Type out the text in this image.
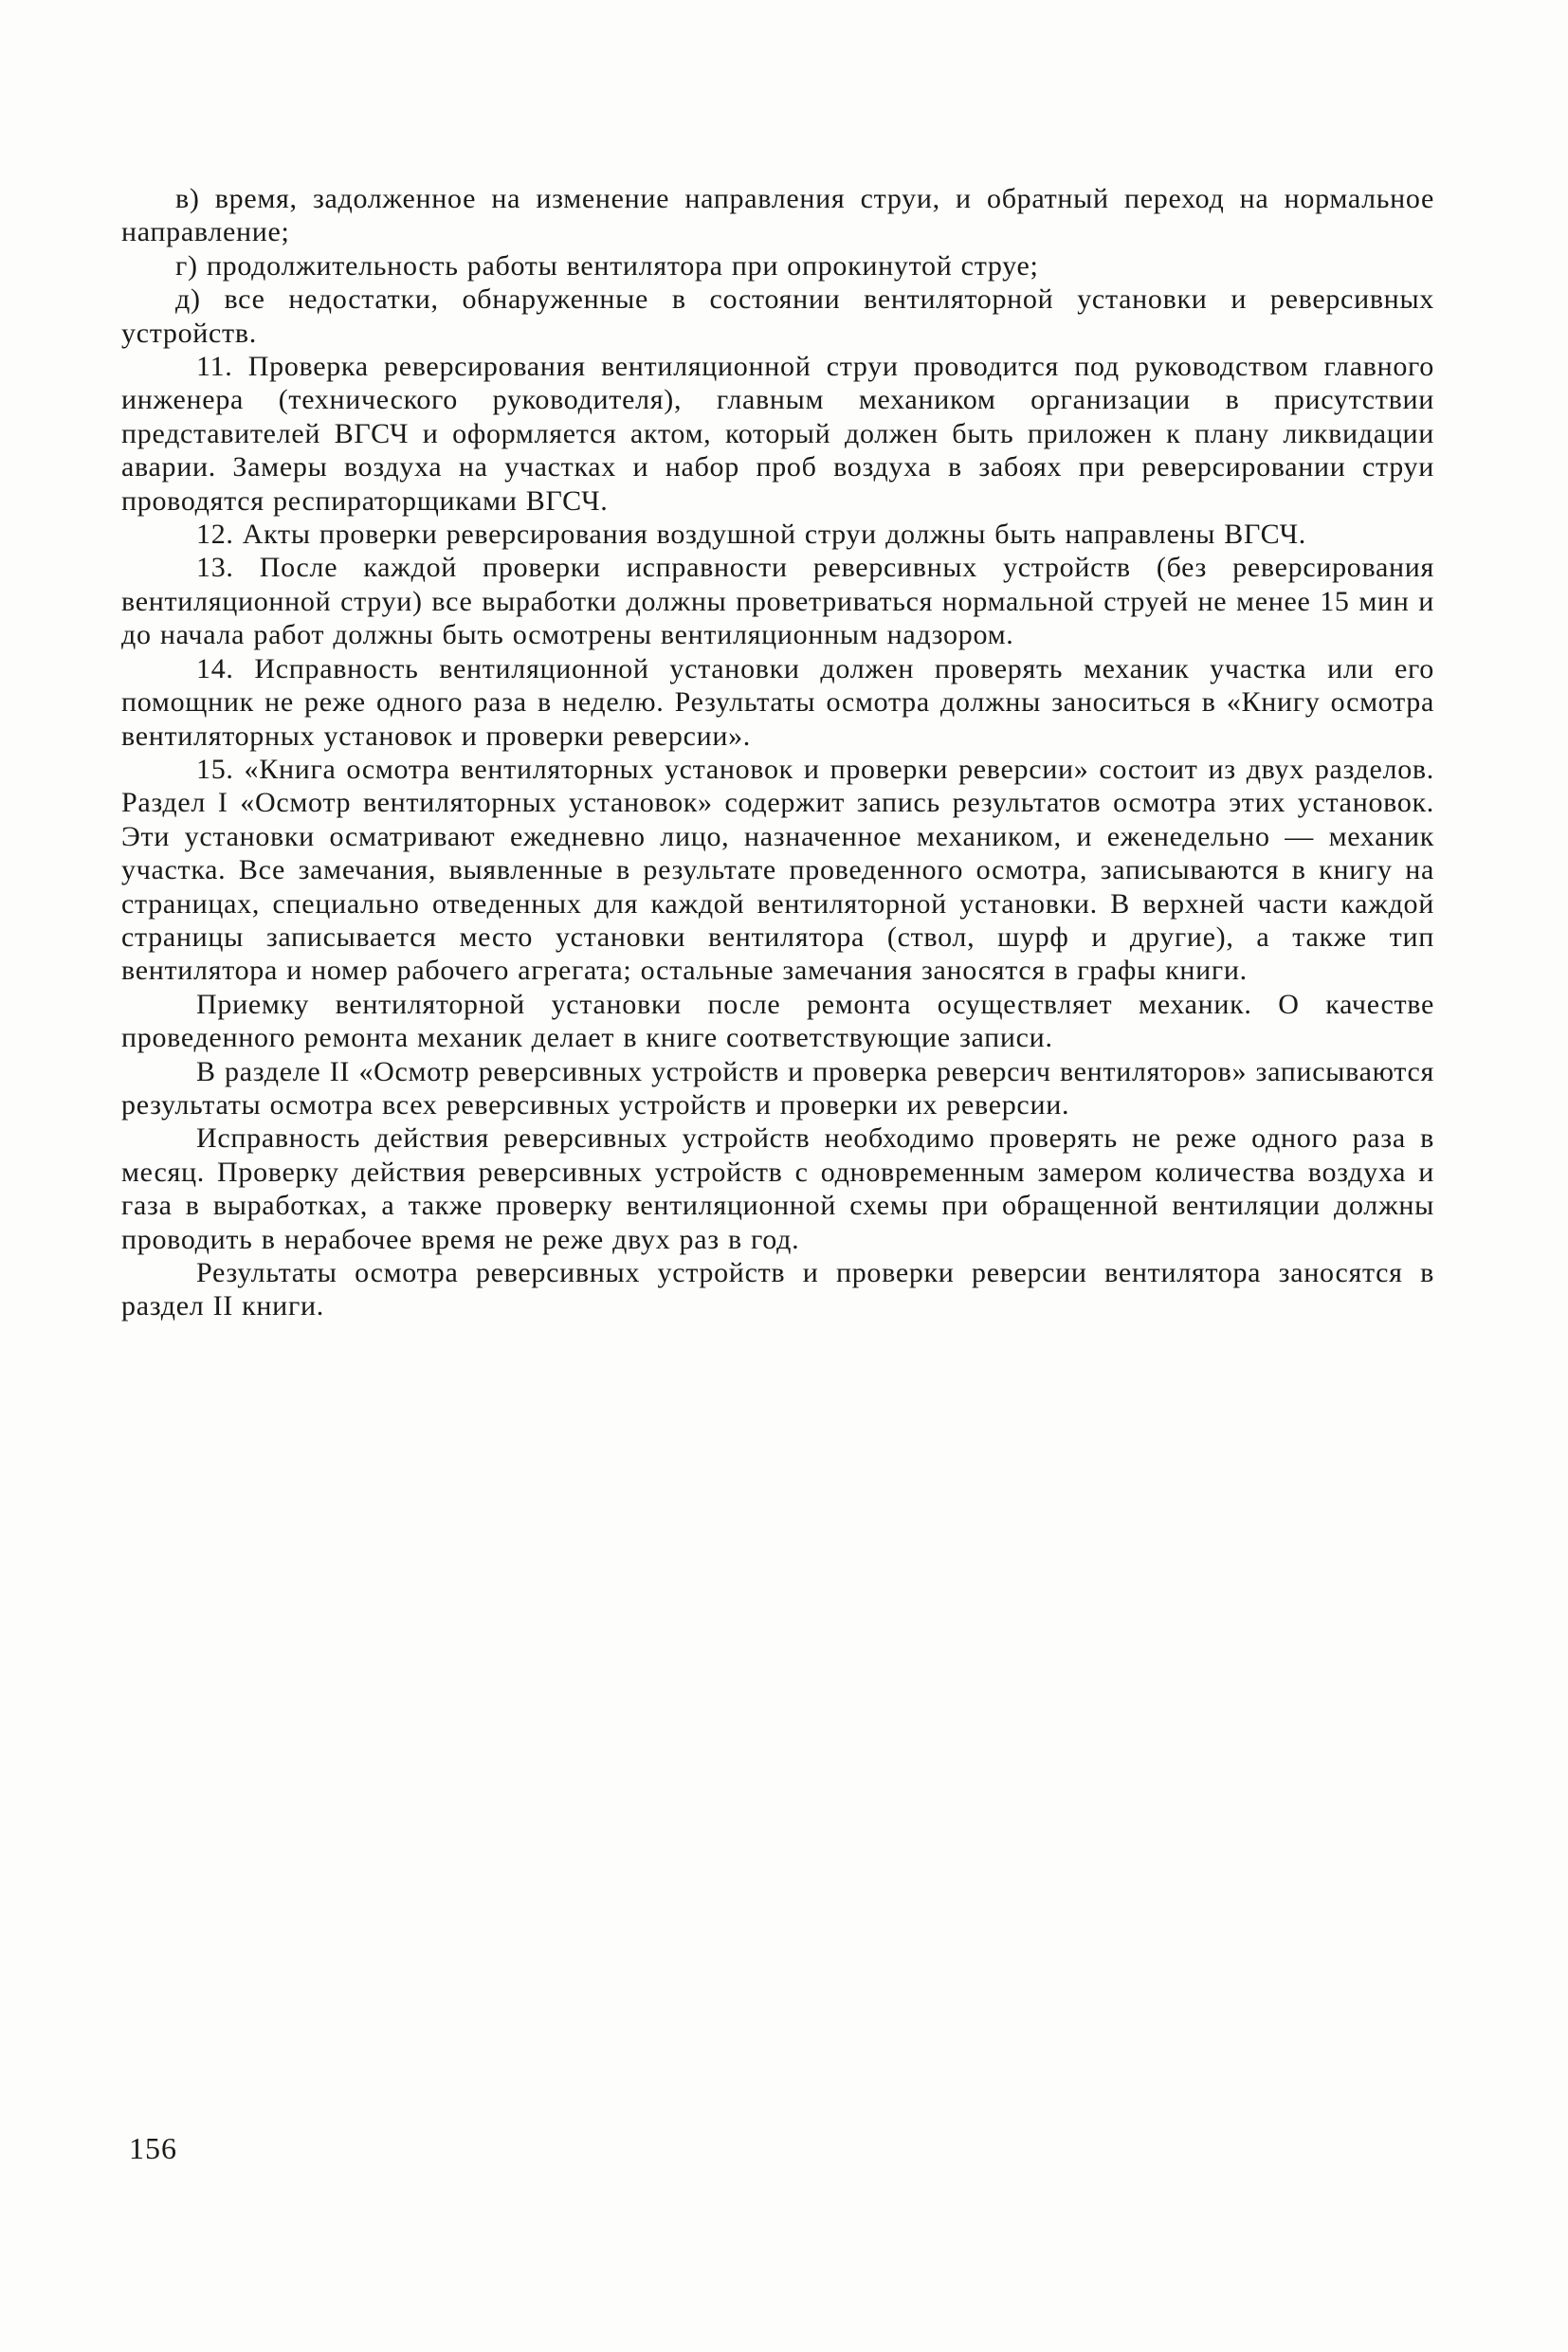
в) время, задолженное на изменение направления струи, и обратный переход на нормальное направление;

г) продолжительность работы вентилятора при опрокинутой струе;

д) все недостатки, обнаруженные в состоянии вентиляторной установки и реверсивных устройств.

11. Проверка реверсирования вентиляционной струи проводится под руководством главного инженера (технического руководителя), главным механиком организации в присутствии представителей ВГСЧ и оформляется актом, который должен быть приложен к плану ликвидации аварии. Замеры воздуха на участках и набор проб воздуха в забоях при реверсировании струи проводятся респираторщиками ВГСЧ.

12. Акты проверки реверсирования воздушной струи должны быть направлены ВГСЧ.

13. После каждой проверки исправности реверсивных устройств (без реверсирования вентиляционной струи) все выработки должны проветриваться нормальной струей не менее 15 мин и до начала работ должны быть осмотрены вентиляционным надзором.

14. Исправность вентиляционной установки должен проверять механик участка или его помощник не реже одного раза в неделю. Результаты осмотра должны заноситься в «Книгу осмотра вентиляторных установок и проверки реверсии».

15. «Книга осмотра вентиляторных установок и проверки реверсии» состоит из двух разделов. Раздел I «Осмотр вентиляторных установок» содержит запись результатов осмотра этих установок. Эти установки осматривают ежедневно лицо, назначенное механиком, и еженедельно — механик участка. Все замечания, выявленные в результате проведенного осмотра, записываются в книгу на страницах, специально отведенных для каждой вентиляторной установки. В верхней части каждой страницы записывается место установки вентилятора (ствол, шурф и другие), а также тип вентилятора и номер рабочего агрегата; остальные замечания заносятся в графы книги.

Приемку вентиляторной установки после ремонта осуществляет механик. О качестве проведенного ремонта механик делает в книге соответствующие записи.

В разделе II «Осмотр реверсивных устройств и проверка реверсич вентиляторов» записываются результаты осмотра всех реверсивных устройств и проверки их реверсии.

Исправность действия реверсивных устройств необходимо проверять не реже одного раза в месяц. Проверку действия реверсивных устройств с одновременным замером количества воздуха и газа в выработках, а также проверку вентиляционной схемы при обращенной вентиляции должны проводить в нерабочее время не реже двух раз в год.

Результаты осмотра реверсивных устройств и проверки реверсии вентилятора заносятся в раздел II книги.

156
